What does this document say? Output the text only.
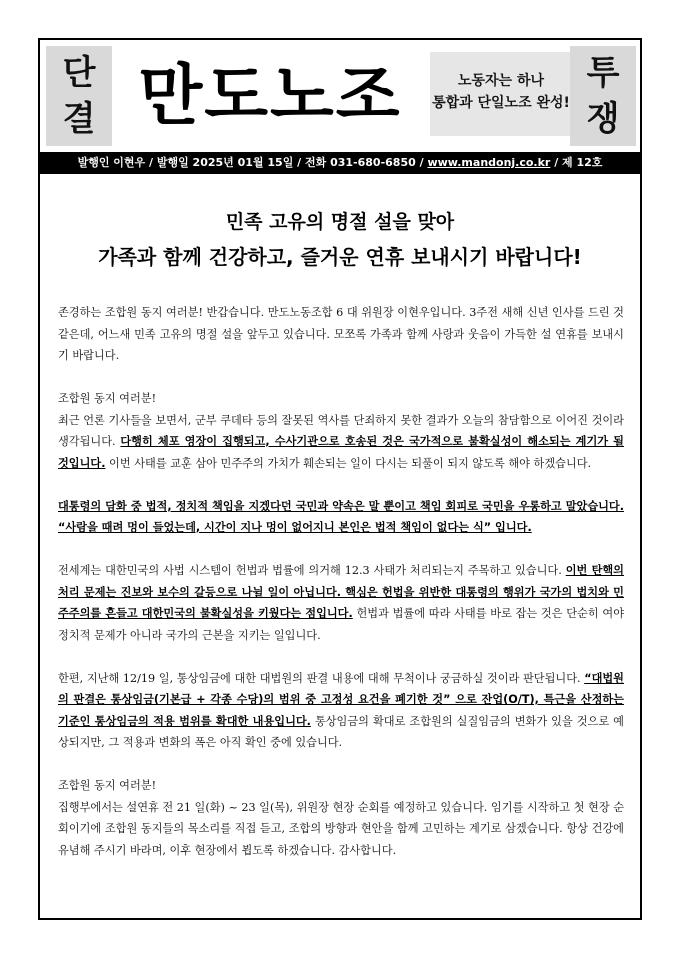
단
결 만도노조	노동자는 하나
통합과 단일노조 완성!
투
쟁
발행인 이현우 / 발행일 2025년 01월 15일 / 전화 031-680-6850 / www.mandonj.co.kr / 제 12호
민족 고유의 명절 설을 맞아
가족과 함께 건강하고, 즐거운 연휴 보내시기 바랍니다!

존경하는 조합원 동지 여러분! 반갑습니다. 만도노동조합 6 대 위원장 이현우입니다. 3주전 새해 신년 인사를 드린 것 같은데, 어느새 민족 고유의 명절 설을 앞두고 있습니다. 모쪼록 가족과 함께 사랑과 웃음이 가득한 설 연휴를 보내시기 바랍니다.

조합원 동지 여러분!
최근 언론 기사들을 보면서, 군부 쿠데타 등의 잘못된 역사를 단죄하지 못한 결과가 오늘의 참담함으로 이어진 것이라 생각됩니다. 다행히 체포 영장이 집행되고, 수사기관으로 호송된 것은 국가적으로 불확실성이 해소되는 계기가 될 것입니다. 이번 사태를 교훈 삼아 민주주의 가치가 훼손되는 일이 다시는 되풀이 되지 않도록 해야 하겠습니다.

대통령의 담화 중 법적, 정치적 책임을 지겠다던 국민과 약속은 말 뿐이고 책임 회피로 국민을 우롱하고 말았습니다. “사람을 때려 멍이 들었는데, 시간이 지나 멍이 없어지니 본인은 법적 책임이 없다는 식” 입니다.

전세계는 대한민국의 사법 시스템이 헌법과 법률에 의거해 12.3 사태가 처리되는지 주목하고 있습니다. 이번 탄핵의 처리 문제는 진보와 보수의 갈등으로 나뉠 일이 아닙니다. 핵심은 헌법을 위반한 대통령의 행위가 국가의 법치와 민주주의를 흔들고 대한민국의 불확실성을 키웠다는 점입니다. 헌법과 법률에 따라 사태를 바로 잡는 것은 단순히 여야 정치적 문제가 아니라 국가의 근본을 지키는 일입니다.

한편, 지난해 12/19 일, 통상임금에 대한 대법원의 판결 내용에 대해 무척이나 궁금하실 것이라 판단됩니다. “대법원의 판결은 통상임금(기본급 + 각종 수당)의 범위 중 고정성 요건을 폐기한 것” 으로 잔업(O/T), 특근을 산정하는 기준인 통상임금의 적용 범위를 확대한 내용입니다. 통상임금의 확대로 조합원의 실질임금의 변화가 있을 것으로 예상되지만, 그 적용과 변화의 폭은 아직 확인 중에 있습니다.

조합원 동지 여러분!
집행부에서는 설연휴 전 21 일(화) ~ 23 일(목), 위원장 현장 순회를 예정하고 있습니다. 임기를 시작하고 첫 현장 순회이기에 조합원 동지들의 목소리를 직접 듣고, 조합의 방향과 현안을 함께 고민하는 계기로 삼겠습니다. 항상 건강에 유념해 주시기 바라며, 이후 현장에서 뵙도록 하겠습니다. 감사합니다.
